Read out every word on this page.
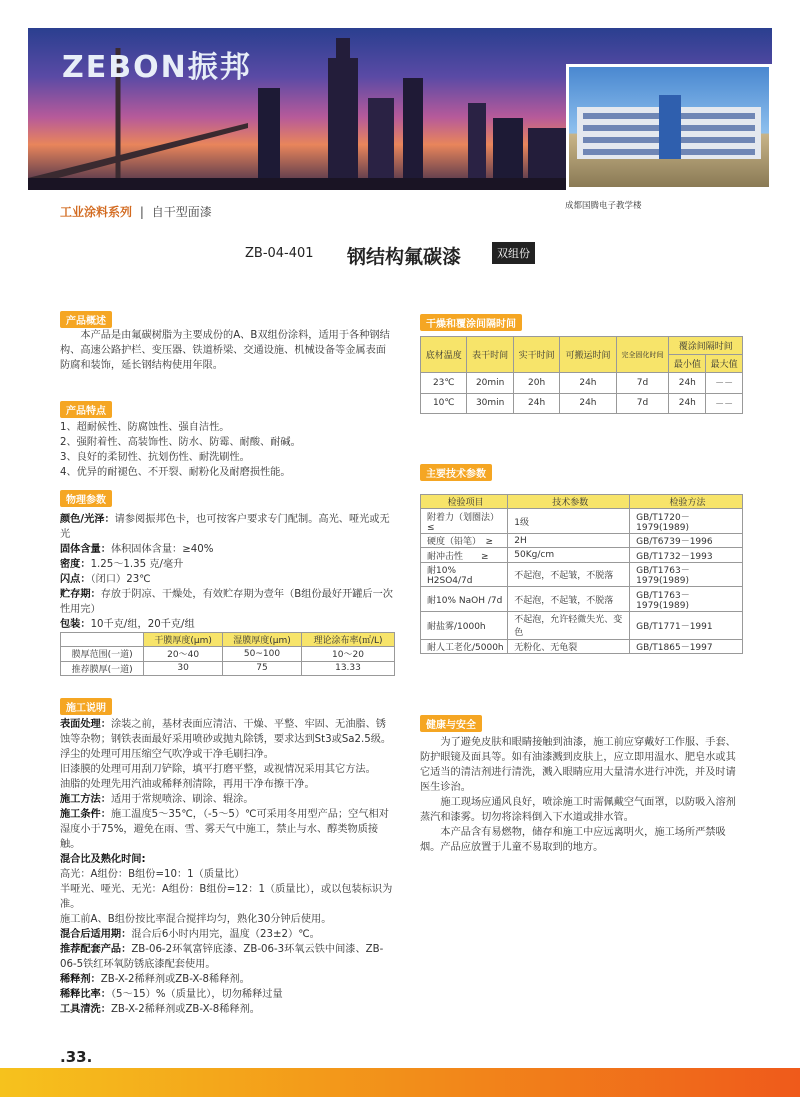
ZEBON振邦
成都国腾电子教学楼
工业涂料系列 | 自干型面漆
ZB-04-401 钢结构氟碳漆	双组份
产品概述
本产品是由氟碳树脂为主要成份的A、B双组份涂料，适用于各种钢结构、高速公路护栏、变压器、铁道桥梁、交通设施、机械设备等金属表面防腐和装饰，延长钢结构使用年限。
产品特点
1、超耐候性、防腐蚀性、强自洁性。
2、强附着性、高装饰性、防水、防霉、耐酸、耐碱。
3、良好的柔韧性、抗划伤性、耐洗刷性。
4、优异的耐褪色、不开裂、耐粉化及耐磨损性能。
物理参数
颜色/光泽：请参阅振邦色卡，也可按客户要求专门配制。高光、哑光或无光
固体含量：体积固体含量：≥40%
密度：1.25～1.35 克/毫升
闪点：（闭口）23℃
贮存期：存放于阴凉、干燥处，有效贮存期为壹年（B组份最好开罐后一次性用完）
包装：10千克/组，20千克/组
	干膜厚度(μm)	湿膜厚度(μm)	理论涂布率(㎡/L)
膜厚范围(一道)	20～40	50~100	10～20
推荐膜厚(一道)	30	75	13.33
施工说明
表面处理：涂装之前，基材表面应清洁、干燥、平整、牢固、无油脂、锈蚀等杂物；钢铁表面最好采用喷砂或抛丸除锈，要求达到St3或Sa2.5级。
浮尘的处理可用压缩空气吹净或干净毛刷扫净。
旧漆膜的处理可用刮刀铲除，填平打磨平整，或视情况采用其它方法。
油脂的处理先用汽油或稀释剂清除，再用干净布擦干净。
施工方法：适用于常规喷涂、刷涂、辊涂。
施工条件：施工温度5～35℃，（-5～5）℃可采用冬用型产品；空气相对湿度小于75%，避免在雨、雪、雾天气中施工，禁止与水、醇类物质接触。
混合比及熟化时间:
高光：A组份：B组份=10：1（质量比）
半哑光、哑光、无光：A组份：B组份=12：1（质量比），或以包装标识为准。
施工前A、B组份按比率混合搅拌均匀，熟化30分钟后使用。
混合后适用期：混合后6小时内用完，温度（23±2）℃。
推荐配套产品：ZB-06-2环氧富锌底漆、ZB-06-3环氧云铁中间漆、ZB-06-5铁红环氧防锈底漆配套使用。
稀释剂：ZB-X-2稀释剂或ZB-X-8稀释剂。
稀释比率：（5～15）%（质量比），切勿稀释过量
工具清洗：ZB-X-2稀释剂或ZB-X-8稀释剂。
干燥和覆涂间隔时间
底材温度	表干时间	实干时间	可搬运时间	完全固化时间	覆涂间隔时间	
					最小值	最大值
23℃	20min	20h	24h	7d	24h	－－
10℃	30min	24h	24h	7d	24h	－－
主要技术参数
检验项目	技术参数	检验方法
附着力（划圈法）≤	1级	GB/T1720－1979(1989)
硬度（铅笔）　≥	2H	GB/T6739－1996
耐冲击性　　≥	50Kg/cm	GB/T1732－1993
耐10% H2SO4/7d	不起泡，不起皱，不脱落	GB/T1763－1979(1989)
耐10% NaOH /7d	不起泡，不起皱，不脱落	GB/T1763－1979(1989)
耐盐雾/1000h	不起泡，允许轻微失光、变色	GB/T1771－1991
耐人工老化/5000h	无粉化、无龟裂	GB/T1865－1997
健康与安全
为了避免皮肤和眼睛接触到油漆，施工前应穿戴好工作服、手套、防护眼镜及面具等。如有油漆溅到皮肤上，应立即用温水、肥皂水或其它适当的清洁剂进行清洗，溅入眼睛应用大量清水进行冲洗，并及时请医生诊治。
施工现场应通风良好，喷涂施工时需佩戴空气面罩，以防吸入溶剂蒸汽和漆雾。切勿将涂料倒入下水道或排水管。
本产品含有易燃物，储存和施工中应远离明火，施工场所严禁吸烟。产品应放置于儿童不易取到的地方。
.33.
